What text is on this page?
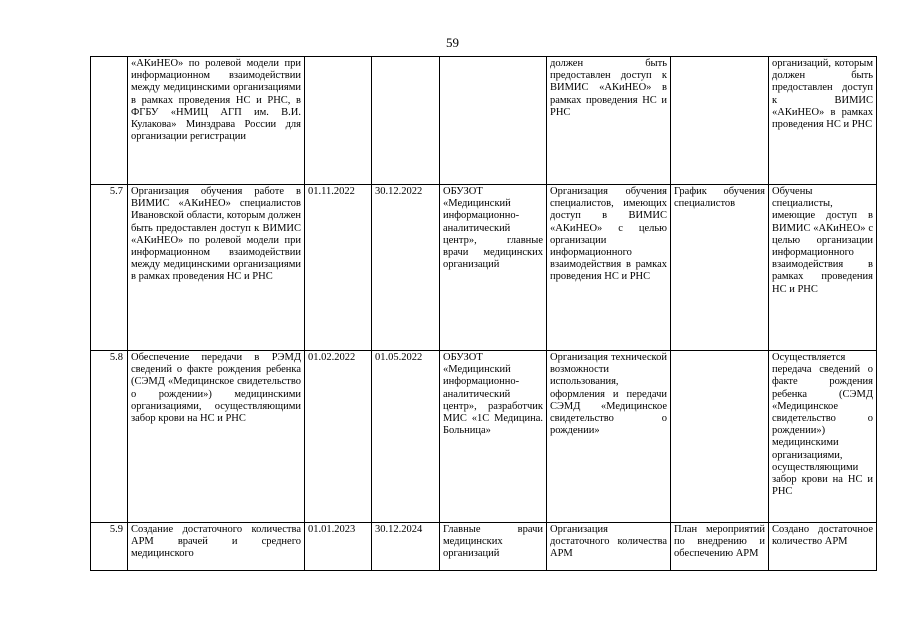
59
	«АКиНЕО» по ролевой модели при информационном взаимодействии между медицинскими организациями в рамках проведения НС и РНС, в ФГБУ «НМИЦ АГП им. В.И. Кулакова» Минздрава России для организации регистрации				должен быть предоставлен доступ к ВИМИС «АКиНЕО» в рамках проведения НС и РНС		организаций, которым должен быть предоставлен доступ к ВИМИС «АКиНЕО» в рамках проведения НС и РНС
5.7	Организация обучения работе в ВИМИС «АКиНЕО» специалистов Ивановской области, которым должен быть предоставлен доступ к ВИМИС «АКиНЕО» по ролевой модели при информационном взаимодействии между медицинскими организациями в рамках проведения НС и РНС	01.11.2022	30.12.2022	ОБУЗОТ «Медицинский информационно-аналитический центр», главные врачи медицинских организаций	Организация обучения специалистов, имеющих доступ в ВИМИС «АКиНЕО» с целью организации информационного взаимодействия в рамках проведения НС и РНС	График обучения специалистов	Обучены специалисты, имеющие доступ в ВИМИС «АКиНЕО» с целью организации информационного взаимодействия в рамках проведения НС и РНС
5.8	Обеспечение передачи в РЭМД сведений о факте рождения ребенка (СЭМД «Медицинское свидетельство о рождении») медицинскими организациями, осуществляющими забор крови на НС и РНС	01.02.2022	01.05.2022	ОБУЗОТ «Медицинский информационно-аналитический центр», разработчик МИС «1С Медицина. Больница»	Организация технической возможности использования, оформления и передачи СЭМД «Медицинское свидетельство о рождении»		Осуществляется передача сведений о факте рождения ребенка (СЭМД «Медицинское свидетельство о рождении») медицинскими организациями, осуществляющими забор крови на НС и РНС
5.9	Создание достаточного количества АРМ врачей и среднего медицинского	01.01.2023	30.12.2024	Главные врачи медицинских организаций	Организация достаточного количества АРМ	План мероприятий по внедрению и обеспечению АРМ	Создано достаточное количество АРМ
